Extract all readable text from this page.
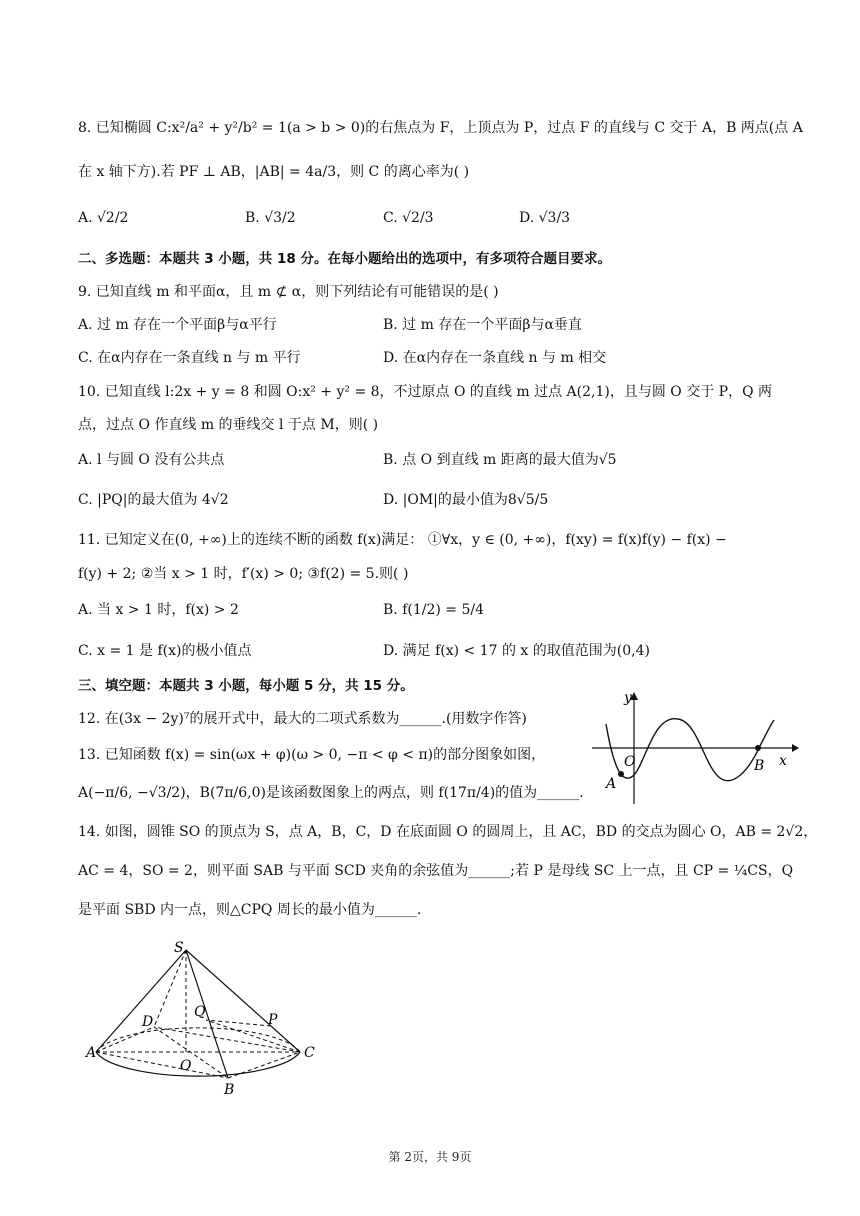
8. 已知椭圆 C:x²/a² + y²/b² = 1(a > b > 0)的右焦点为 F，上顶点为 P，过点 F 的直线与 C 交于 A，B 两点(点 A
在 x 轴下方).若 PF ⊥ AB，|AB| = 4a/3，则 C 的离心率为( )
A. √2/2	B. √3/2	C. √2/3	D. √3/3
二、多选题：本题共 3 小题，共 18 分。在每小题给出的选项中，有多项符合题目要求。
9. 已知直线 m 和平面α，且 m ⊄ α，则下列结论有可能错误的是( )
A. 过 m 存在一个平面β与α平行	B. 过 m 存在一个平面β与α垂直
C. 在α内存在一条直线 n 与 m 平行	D. 在α内存在一条直线 n 与 m 相交
10. 已知直线 l:2x + y = 8 和圆 O:x² + y² = 8，不过原点 O 的直线 m 过点 A(2,1)，且与圆 O 交于 P，Q 两
点，过点 O 作直线 m 的垂线交 l 于点 M，则( )
A. l 与圆 O 没有公共点	B. 点 O 到直线 m 距离的最大值为√5
C. |PQ|的最大值为 4√2	D. |OM|的最小值为8√5/5
11. 已知定义在(0, +∞)上的连续不断的函数 f(x)满足： ①∀x，y ∈ (0, +∞)，f(xy) = f(x)f(y) − f(x) −
f(y) + 2; ②当 x > 1 时，f′(x) > 0; ③f(2) = 5.则( )
A. 当 x > 1 时，f(x) > 2	B. f(1/2) = 5/4
C. x = 1 是 f(x)的极小值点	D. 满足 f(x) < 17 的 x 的取值范围为(0,4)
三、填空题：本题共 3 小题，每小题 5 分，共 15 分。
12. 在(3x − 2y)⁷的展开式中，最大的二项式系数为______.(用数字作答)
13. 已知函数 f(x) = sin(ωx + φ)(ω > 0, −π < φ < π)的部分图象如图，
A(−π/6, −√3/2)，B(7π/6,0)是该函数图象上的两点，则 f(17π/4)的值为______.
14. 如图，圆锥 SO 的顶点为 S，点 A，B，C，D 在底面圆 O 的圆周上，且 AC，BD 的交点为圆心 O，AB = 2√2，
AC = 4，SO = 2，则平面 SAB 与平面 SCD 夹角的余弦值为______;若 P 是母线 SC 上一点，且 CP = ¼CS，Q
是平面 SBD 内一点，则△CPQ 周长的最小值为______.
y
x
O
A
B
S
A
B
C
D
O
P
Q
第 2页，共 9页
